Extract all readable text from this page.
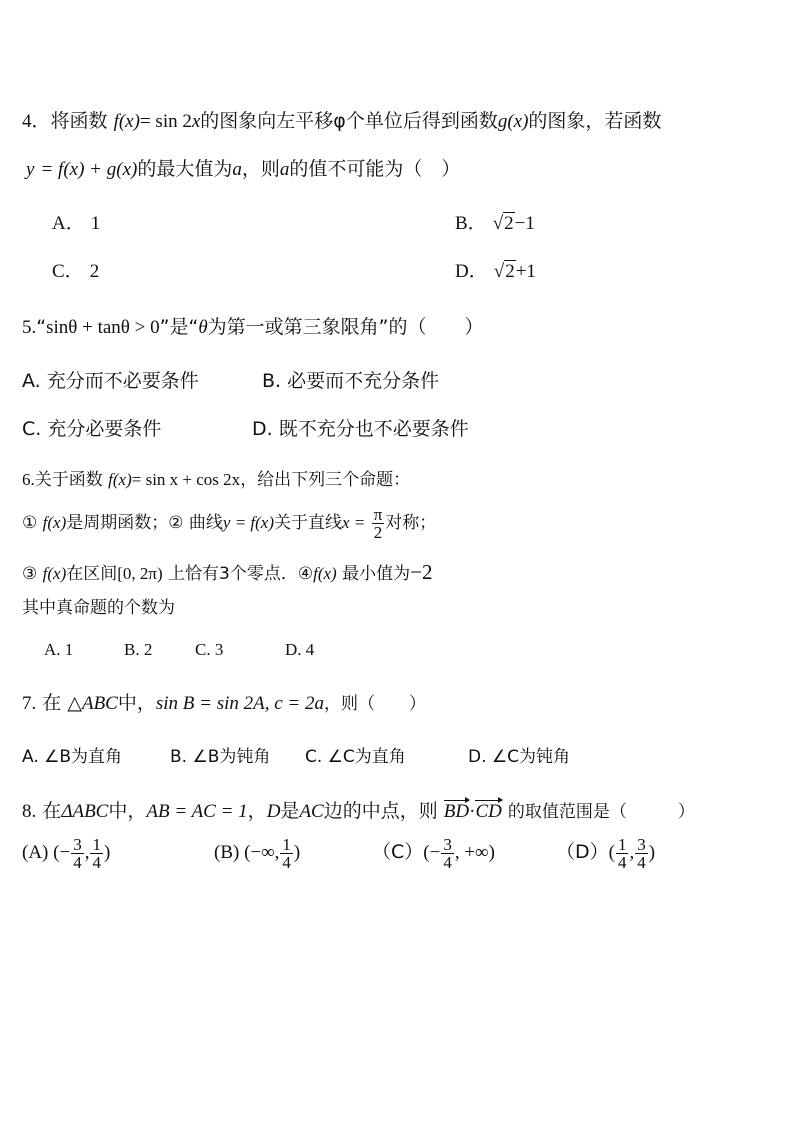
4．将函数 f(x)= sin 2x的图象向左平移φ个单位后得到函数g(x)的图象，若函数
y = f(x) + g(x)的最大值为a，则a的值不可能为（　）
A． 1	B． √2−1
C． 2	D． √2+1
5.“sinθ + tanθ > 0”是“θ为第一或第三象限角”的（　　）
A. 充分而不必要条件	B. 必要而不充分条件
C. 充分必要条件	D. 既不充分也不必要条件
6.关于函数 f(x)= sin x + cos 2x，给出下列三个命题：
① f(x)是周期函数；② 曲线y = f(x)关于直线$x = \frac{\pi}{2}$ 对称；
③ f(x)在区间[0, 2π) 上恰有3个零点．④f(x) 最小值为−2
其中真命题的个数为
A. 1	B. 2	C. 3	D. 4
7. 在 △ABC中，sin B = sin 2A, c = 2a，则（　　）
A. ∠B为直角	B. ∠B为钝角 C. ∠C为直角	D. ∠C为钝角
8. 在ΔABC中，AB = AC = 1，D是AC边的中点，则 BD·CD 的取值范围是（　　　）
(A) (− $\frac{3}{4}$ , $\frac{1}{4}$ )	(B) (−∞, $\frac{1}{4}$ )	$(C)(- \frac{3}{4}$ , +∞)	$(D)( \frac{1}{4}$ , $\frac{3}{4}$ )
